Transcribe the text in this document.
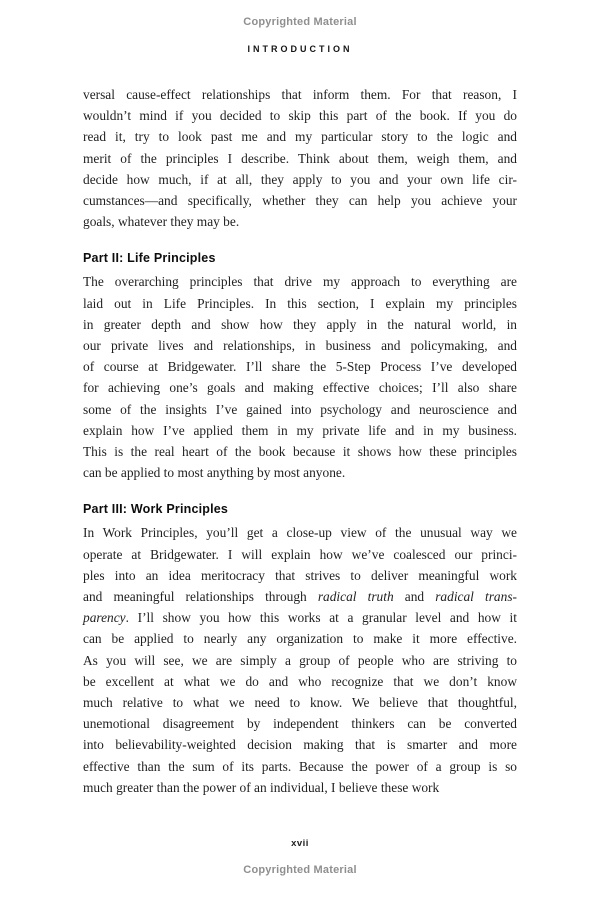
Copyrighted Material
INTRODUCTION
versal cause-effect relationships that inform them. For that reason, I
wouldn’t mind if you decided to skip this part of the book. If you do
read it, try to look past me and my particular story to the logic and
merit of the principles I describe. Think about them, weigh them, and
decide how much, if at all, they apply to you and your own life cir-
cumstances—and specifically, whether they can help you achieve your
goals, whatever they may be.
Part II: Life Principles
The overarching principles that drive my approach to everything are
laid out in Life Principles. In this section, I explain my principles
in greater depth and show how they apply in the natural world, in
our private lives and relationships, in business and policymaking, and
of course at Bridgewater. I’ll share the 5-Step Process I’ve developed
for achieving one’s goals and making effective choices; I’ll also share
some of the insights I’ve gained into psychology and neuroscience and
explain how I’ve applied them in my private life and in my business.
This is the real heart of the book because it shows how these principles
can be applied to most anything by most anyone.
Part III: Work Principles
In Work Principles, you’ll get a close-up view of the unusual way we
operate at Bridgewater. I will explain how we’ve coalesced our princi-
ples into an idea meritocracy that strives to deliver meaningful work
and meaningful relationships through radical truth and radical trans-
parency. I’ll show you how this works at a granular level and how it
can be applied to nearly any organization to make it more effective.
As you will see, we are simply a group of people who are striving to
be excellent at what we do and who recognize that we don’t know
much relative to what we need to know. We believe that thoughtful,
unemotional disagreement by independent thinkers can be converted
into believability-weighted decision making that is smarter and more
effective than the sum of its parts. Because the power of a group is so
much greater than the power of an individual, I believe these work
xvii
Copyrighted Material
